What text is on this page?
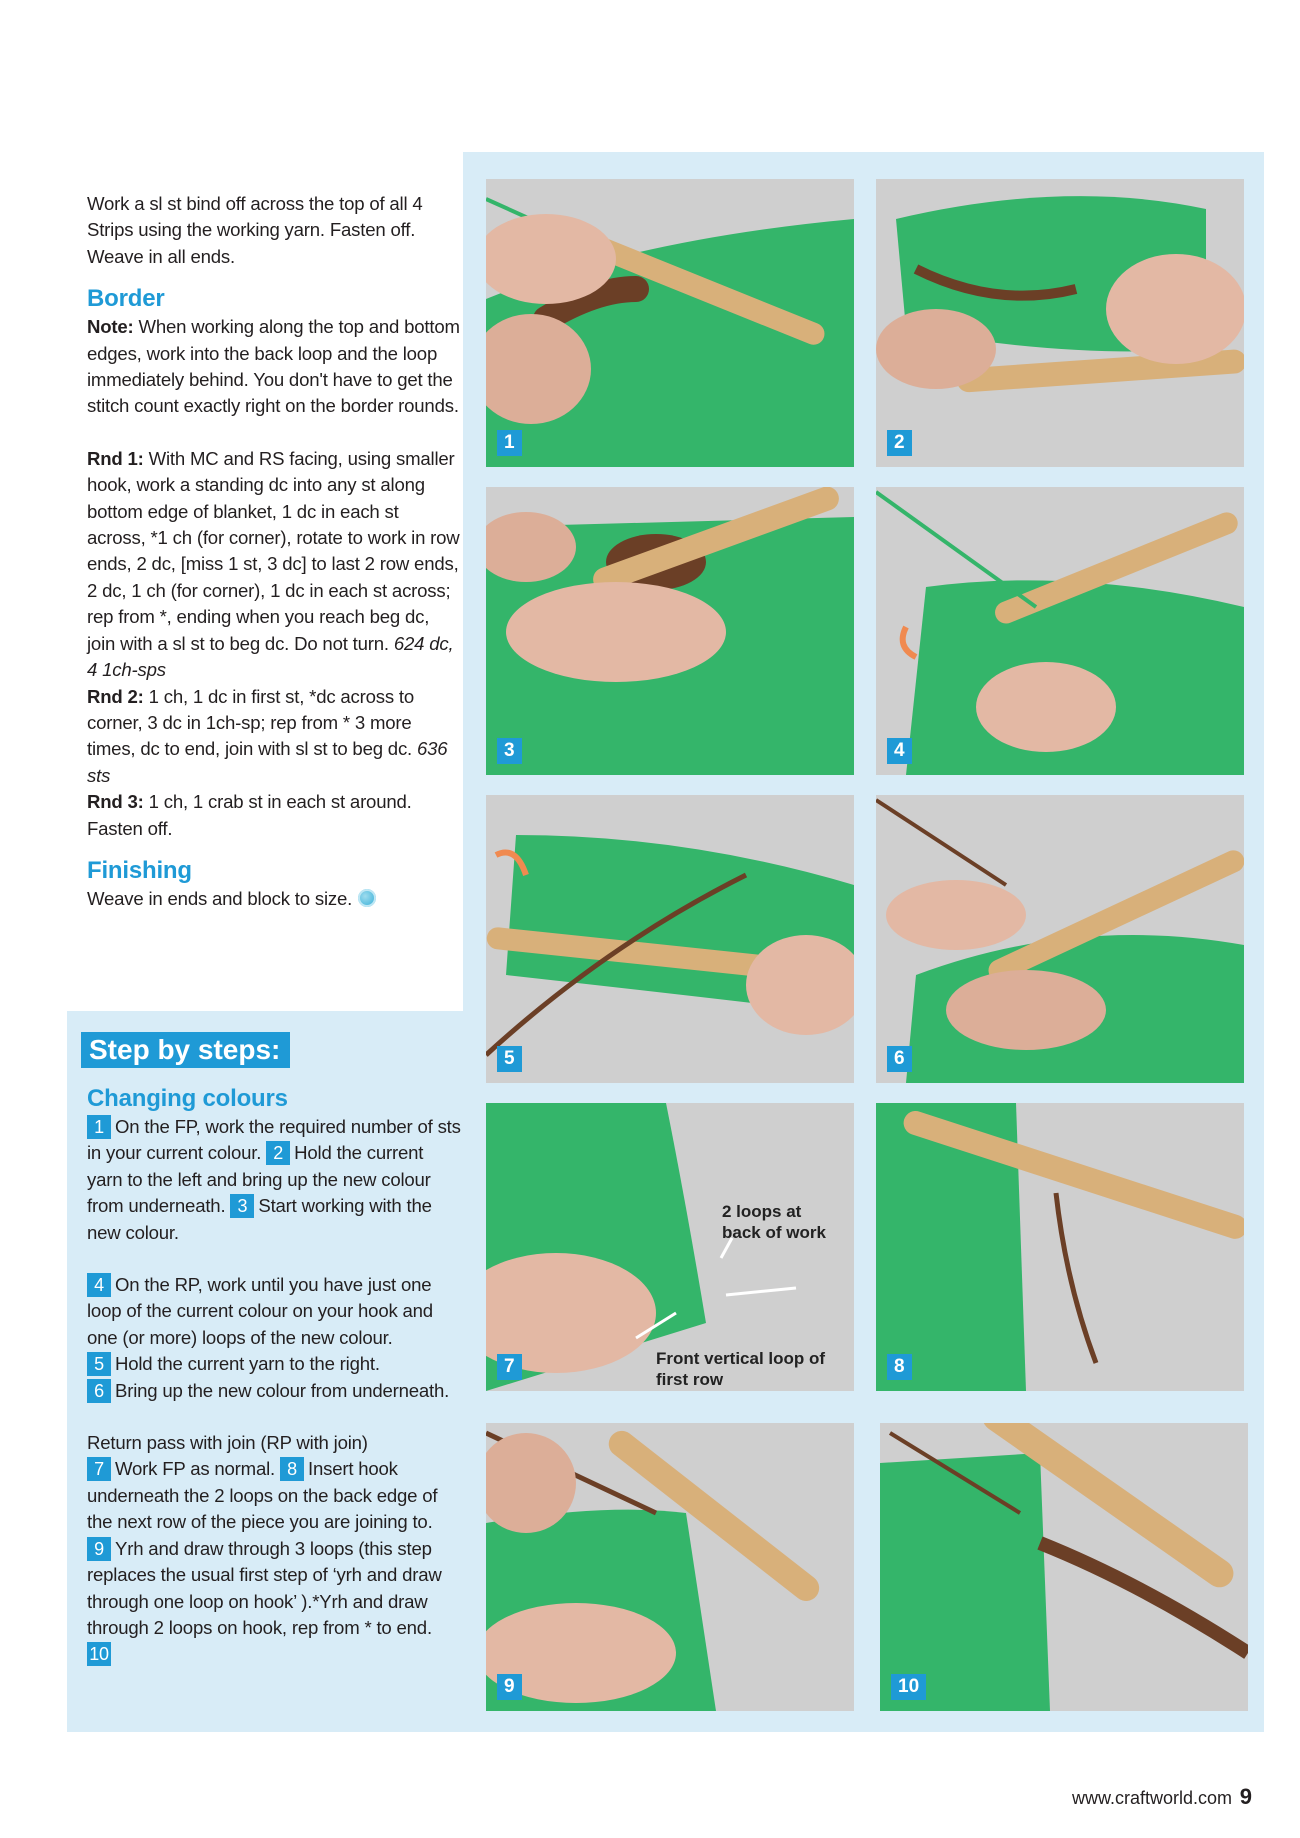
Work a sl st bind off across the top of all 4 Strips using the working yarn. Fasten off. Weave in all ends.

Border

Note: When working along the top and bottom edges, work into the back loop and the loop immediately behind. You don't have to get the stitch count exactly right on the border rounds.

Rnd 1: With MC and RS facing, using smaller hook, work a standing dc into any st along bottom edge of blanket, 1 dc in each st across, *1 ch (for corner), rotate to work in row ends, 2 dc, [miss 1 st, 3 dc] to last 2 row ends, 2 dc, 1 ch (for corner), 1 dc in each st across; rep from *, ending when you reach beg dc, join with a sl st to beg dc. Do not turn. 624 dc, 4 1ch-sps

Rnd 2: 1 ch, 1 dc in first st, *dc across to corner, 3 dc in 1ch-sp; rep from * 3 more times, dc to end, join with sl st to beg dc. 636 sts

Rnd 3: 1 ch, 1 crab st in each st around. Fasten off.

Finishing

Weave in ends and block to size.

Step by steps:

Changing colours

1 On the FP, work the required number of sts in your current colour. 2 Hold the current yarn to the left and bring up the new colour from underneath. 3 Start working with the new colour.

4 On the RP, work until you have just one loop of the current colour on your hook and one (or more) loops of the new colour.
5 Hold the current yarn to the right.
6 Bring up the new colour from underneath.

Return pass with join (RP with join)

7 Work FP as normal. 8 Insert hook underneath the 2 loops on the back edge of the next row of the piece you are joining to. 9 Yrh and draw through 3 loops (this step replaces the usual first step of ‘yrh and draw through one loop on hook’ ).*Yrh and draw through 2 loops on hook, rep from * to end. 10

1	2
3	4
5	6
2 loops at back of work
Front vertical loop of first row
7	8
9	10
www.craftworld.com 9
